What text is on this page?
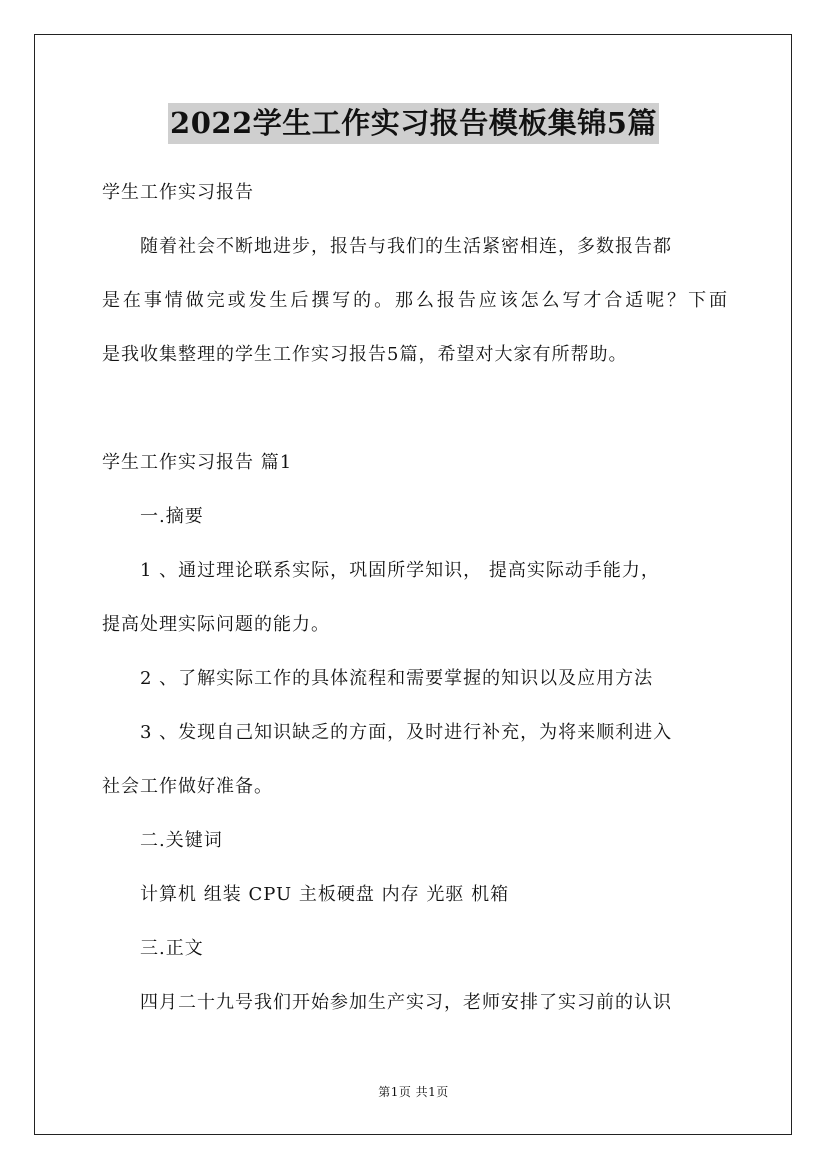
2022学生工作实习报告模板集锦5篇
学生工作实习报告
随着社会不断地进步，报告与我们的生活紧密相连，多数报告都
是在事情做完或发生后撰写的。那么报告应该怎么写才合适呢？下面
是我收集整理的学生工作实习报告5篇，希望对大家有所帮助。
学生工作实习报告 篇1
一.摘要
1 、通过理论联系实际，巩固所学知识， 提高实际动手能力，
提高处理实际问题的能力。
2 、了解实际工作的具体流程和需要掌握的知识以及应用方法
3 、发现自己知识缺乏的方面，及时进行补充，为将来顺利进入
社会工作做好准备。
二.关键词
计算机 组装 CPU 主板硬盘 内存 光驱 机箱
三.正文
四月二十九号我们开始参加生产实习，老师安排了实习前的认识
第1页 共1页
